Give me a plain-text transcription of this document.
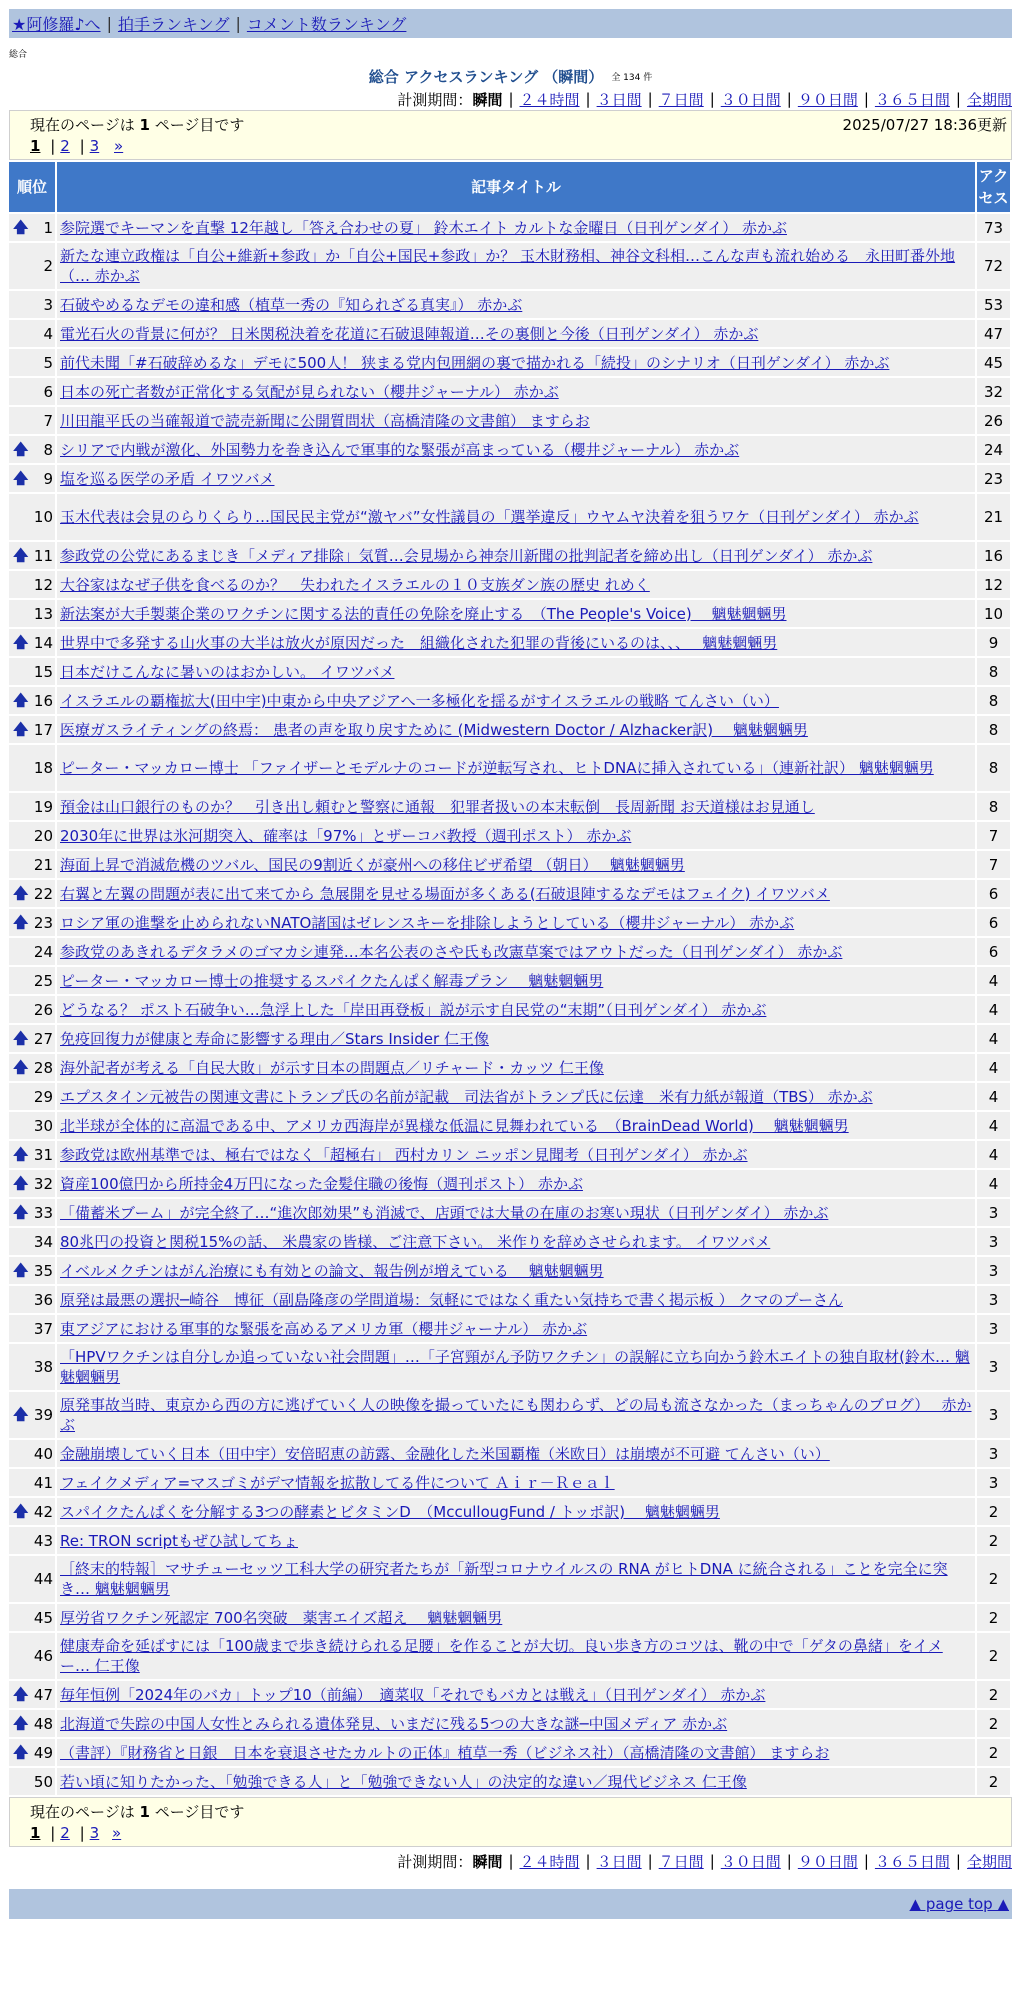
★阿修羅♪へ | 拍手ランキング | コメント数ランキング
総合
総合 アクセスランキング （瞬間） 全 134 件
計測期間： 瞬間 | ２４時間 | ３日間 | ７日間 | ３０日間 | ９０日間 | ３６５日間 | 全期間
現在のページは 1 ページ目です	2025/07/27 18:36更新
1 | 2 | 3 »
順位	記事タイトル	アクセス

🡅 1	参院選でキーマンを直撃 12年越し「答え合わせの夏」 鈴木エイト カルトな金曜日（日刊ゲンダイ） 赤かぶ	73
2	新たな連立政権は「自公+維新+参政」か「自公+国民+参政」か？ 玉木財務相、神谷文科相…こんな声も流れ始める　永田町番外地（… 赤かぶ	72
3	石破やめるなデモの違和感（植草一秀の『知られざる真実』） 赤かぶ	53
4	電光石火の背景に何が？ 日米関税決着を花道に石破退陣報道…その裏側と今後（日刊ゲンダイ） 赤かぶ	47
5	前代未聞「#石破辞めるな」デモに500人！ 狭まる党内包囲網の裏で描かれる「続投」のシナリオ（日刊ゲンダイ） 赤かぶ	45
6	日本の死亡者数が正常化する気配が見られない（櫻井ジャーナル） 赤かぶ	32
7	川田龍平氏の当確報道で読売新聞に公開質問状（高橋清隆の文書館） ますらお	26

🡅 8	シリアで内戦が激化、外国勢力を巻き込んで軍事的な緊張が高まっている（櫻井ジャーナル） 赤かぶ	24

🡅 9	塩を巡る医学の矛盾 イワツバメ	23
10	玉木代表は会見のらりくらり…国民民主党が“激ヤバ”女性議員の「選挙違反」ウヤムヤ決着を狙うワケ（日刊ゲンダイ） 赤かぶ	21

🡅 11	参政党の公党にあるまじき「メディア排除」気質…会見場から神奈川新聞の批判記者を締め出し（日刊ゲンダイ） 赤かぶ	16
12	大谷家はなぜ子供を食べるのか？　失われたイスラエルの１０支族ダン族の歴史 れめく	12
13	新法案が大手製薬企業のワクチンに関する法的責任の免除を廃止する　（The People's Voice)　 魑魅魍魎男	10

🡅 14	世界中で多発する山火事の大半は放火が原因だった　組織化された犯罪の背後にいるのは、、、　 魑魅魍魎男	9
15	日本だけこんなに暑いのはおかしい。 イワツバメ	8

🡅 16	イスラエルの覇権拡大(田中宇)中東から中央アジアへ一多極化を揺るがすイスラエルの戦略 てんさい（い）	8

🡅 17	医療ガスライティングの終焉： 患者の声を取り戻すために (Midwestern Doctor / Alzhacker訳)　 魑魅魍魎男	8
18	ピーター・マッカロー博士 「ファイザーとモデルナのコードが逆転写され、ヒトDNAに挿入されている」（連新社訳） 魑魅魍魎男	8
19	預金は山口銀行のものか？　引き出し頼むと警察に通報　犯罪者扱いの本末転倒　長周新聞 お天道様はお見通し	8
20	2030年に世界は氷河期突入、確率は「97%」とザーコバ教授（週刊ポスト） 赤かぶ	7
21	海面上昇で消滅危機のツバル、国民の9割近くが豪州への移住ビザ希望 （朝日）　 魑魅魍魎男	7

🡅 22	右翼と左翼の問題が表に出て来てから 急展開を見せる場面が多くある(石破退陣するなデモはフェイク) イワツバメ	6

🡅 23	ロシア軍の進撃を止められないNATO諸国はゼレンスキーを排除しようとしている（櫻井ジャーナル） 赤かぶ	6
24	参政党のあきれるデタラメのゴマカシ連発…本名公表のさや氏も改憲草案ではアウトだった（日刊ゲンダイ） 赤かぶ	6
25	ピーター・マッカロー博士の推奨するスパイクたんぱく解毒プラン　 魑魅魍魎男	4
26	どうなる？ ポスト石破争い…急浮上した「岸田再登板」説が示す自民党の“末期”（日刊ゲンダイ） 赤かぶ	4

🡅 27	免疫回復力が健康と寿命に影響する理由／Stars Insider 仁王像	4

🡅 28	海外記者が考える「自民大敗」が示す日本の問題点／リチャード・カッツ 仁王像	4
29	エプスタイン元被告の関連文書にトランプ氏の名前が記載　司法省がトランプ氏に伝達　米有力紙が報道（TBS） 赤かぶ	4
30	北半球が全体的に高温である中、アメリカ西海岸が異様な低温に見舞われている　（BrainDead World)　 魑魅魍魎男	4

🡅 31	参政党は欧州基準では、極右ではなく「超極右」 西村カリン ニッポン見聞考（日刊ゲンダイ） 赤かぶ	4

🡅 32	資産100億円から所持金4万円になった金髪住職の後悔（週刊ポスト） 赤かぶ	4

🡅 33	「備蓄米ブーム」が完全終了…“進次郎効果”も消滅で、店頭では大量の在庫のお寒い現状（日刊ゲンダイ） 赤かぶ	3
34	80兆円の投資と関税15%の話、 米農家の皆様、ご注意下さい。 米作りを辞めさせられます。 イワツバメ	3

🡅 35	イベルメクチンはがん治療にも有効との論文、報告例が増えている　 魑魅魍魎男	3
36	原発は最悪の選択─崎谷　博征（副島隆彦の学問道場：気軽にではなく重たい気持ちで書く掲示板 ） クマのプーさん	3
37	東アジアにおける軍事的な緊張を高めるアメリカ軍（櫻井ジャーナル） 赤かぶ	3
38	「HPVワクチンは自分しか追っていない社会問題」…「子宮頸がん予防ワクチン」の誤解に立ち向かう鈴木エイトの独自取材(鈴木… 魑魅魍魎男	3

🡅 39	原発事故当時、東京から西の方に逃げていく人の映像を撮っていたにも関わらず、どの局も流さなかった（まっちゃんのブログ）　 赤かぶ	3
40	金融崩壊していく日本（田中宇）安倍昭恵の訪露、金融化した米国覇権（米欧日）は崩壊が不可避 てんさい（い）	3
41	フェイクメディア=マスゴミがデマ情報を拡散してる件について Ａｉｒ－Ｒｅａｌ	3

🡅 42	スパイクたんぱくを分解する3つの酵素とビタミンD　（MccullougFund / トッポ訳)　 魑魅魍魎男	2
43	Re: TRON scriptもぜひ試してちょ	2
44	［終末的特報］マサチューセッツ工科大学の研究者たちが「新型コロナウイルスの RNA がヒトDNA に統合される」ことを完全に突き… 魑魅魍魎男	2
45	厚労省ワクチン死認定 700名突破　薬害エイズ超え　 魑魅魍魎男	2
46	健康寿命を延ばすには「100歳まで歩き続けられる足腰」を作ることが大切。良い歩き方のコツは、靴の中で「ゲタの鼻緒」をイメー… 仁王像	2

🡅 47	毎年恒例「2024年のバカ」トップ10（前編）　適菜収「それでもバカとは戦え」（日刊ゲンダイ） 赤かぶ	2

🡅 48	北海道で失踪の中国人女性とみられる遺体発見、いまだに残る5つの大きな謎─中国メディア 赤かぶ	2

🡅 49	（書評）『財務省と日銀　日本を衰退させたカルトの正体』植草一秀（ビジネス社）（高橋清隆の文書館） ますらお	2
50	若い頃に知りたかった、「勉強できる人」と「勉強できない人」の決定的な違い／現代ビジネス 仁王像	2
現在のページは 1 ページ目です
1 | 2 | 3 »
計測期間： 瞬間 | ２４時間 | ３日間 | ７日間 | ３０日間 | ９０日間 | ３６５日間 | 全期間
▲ page top ▲
